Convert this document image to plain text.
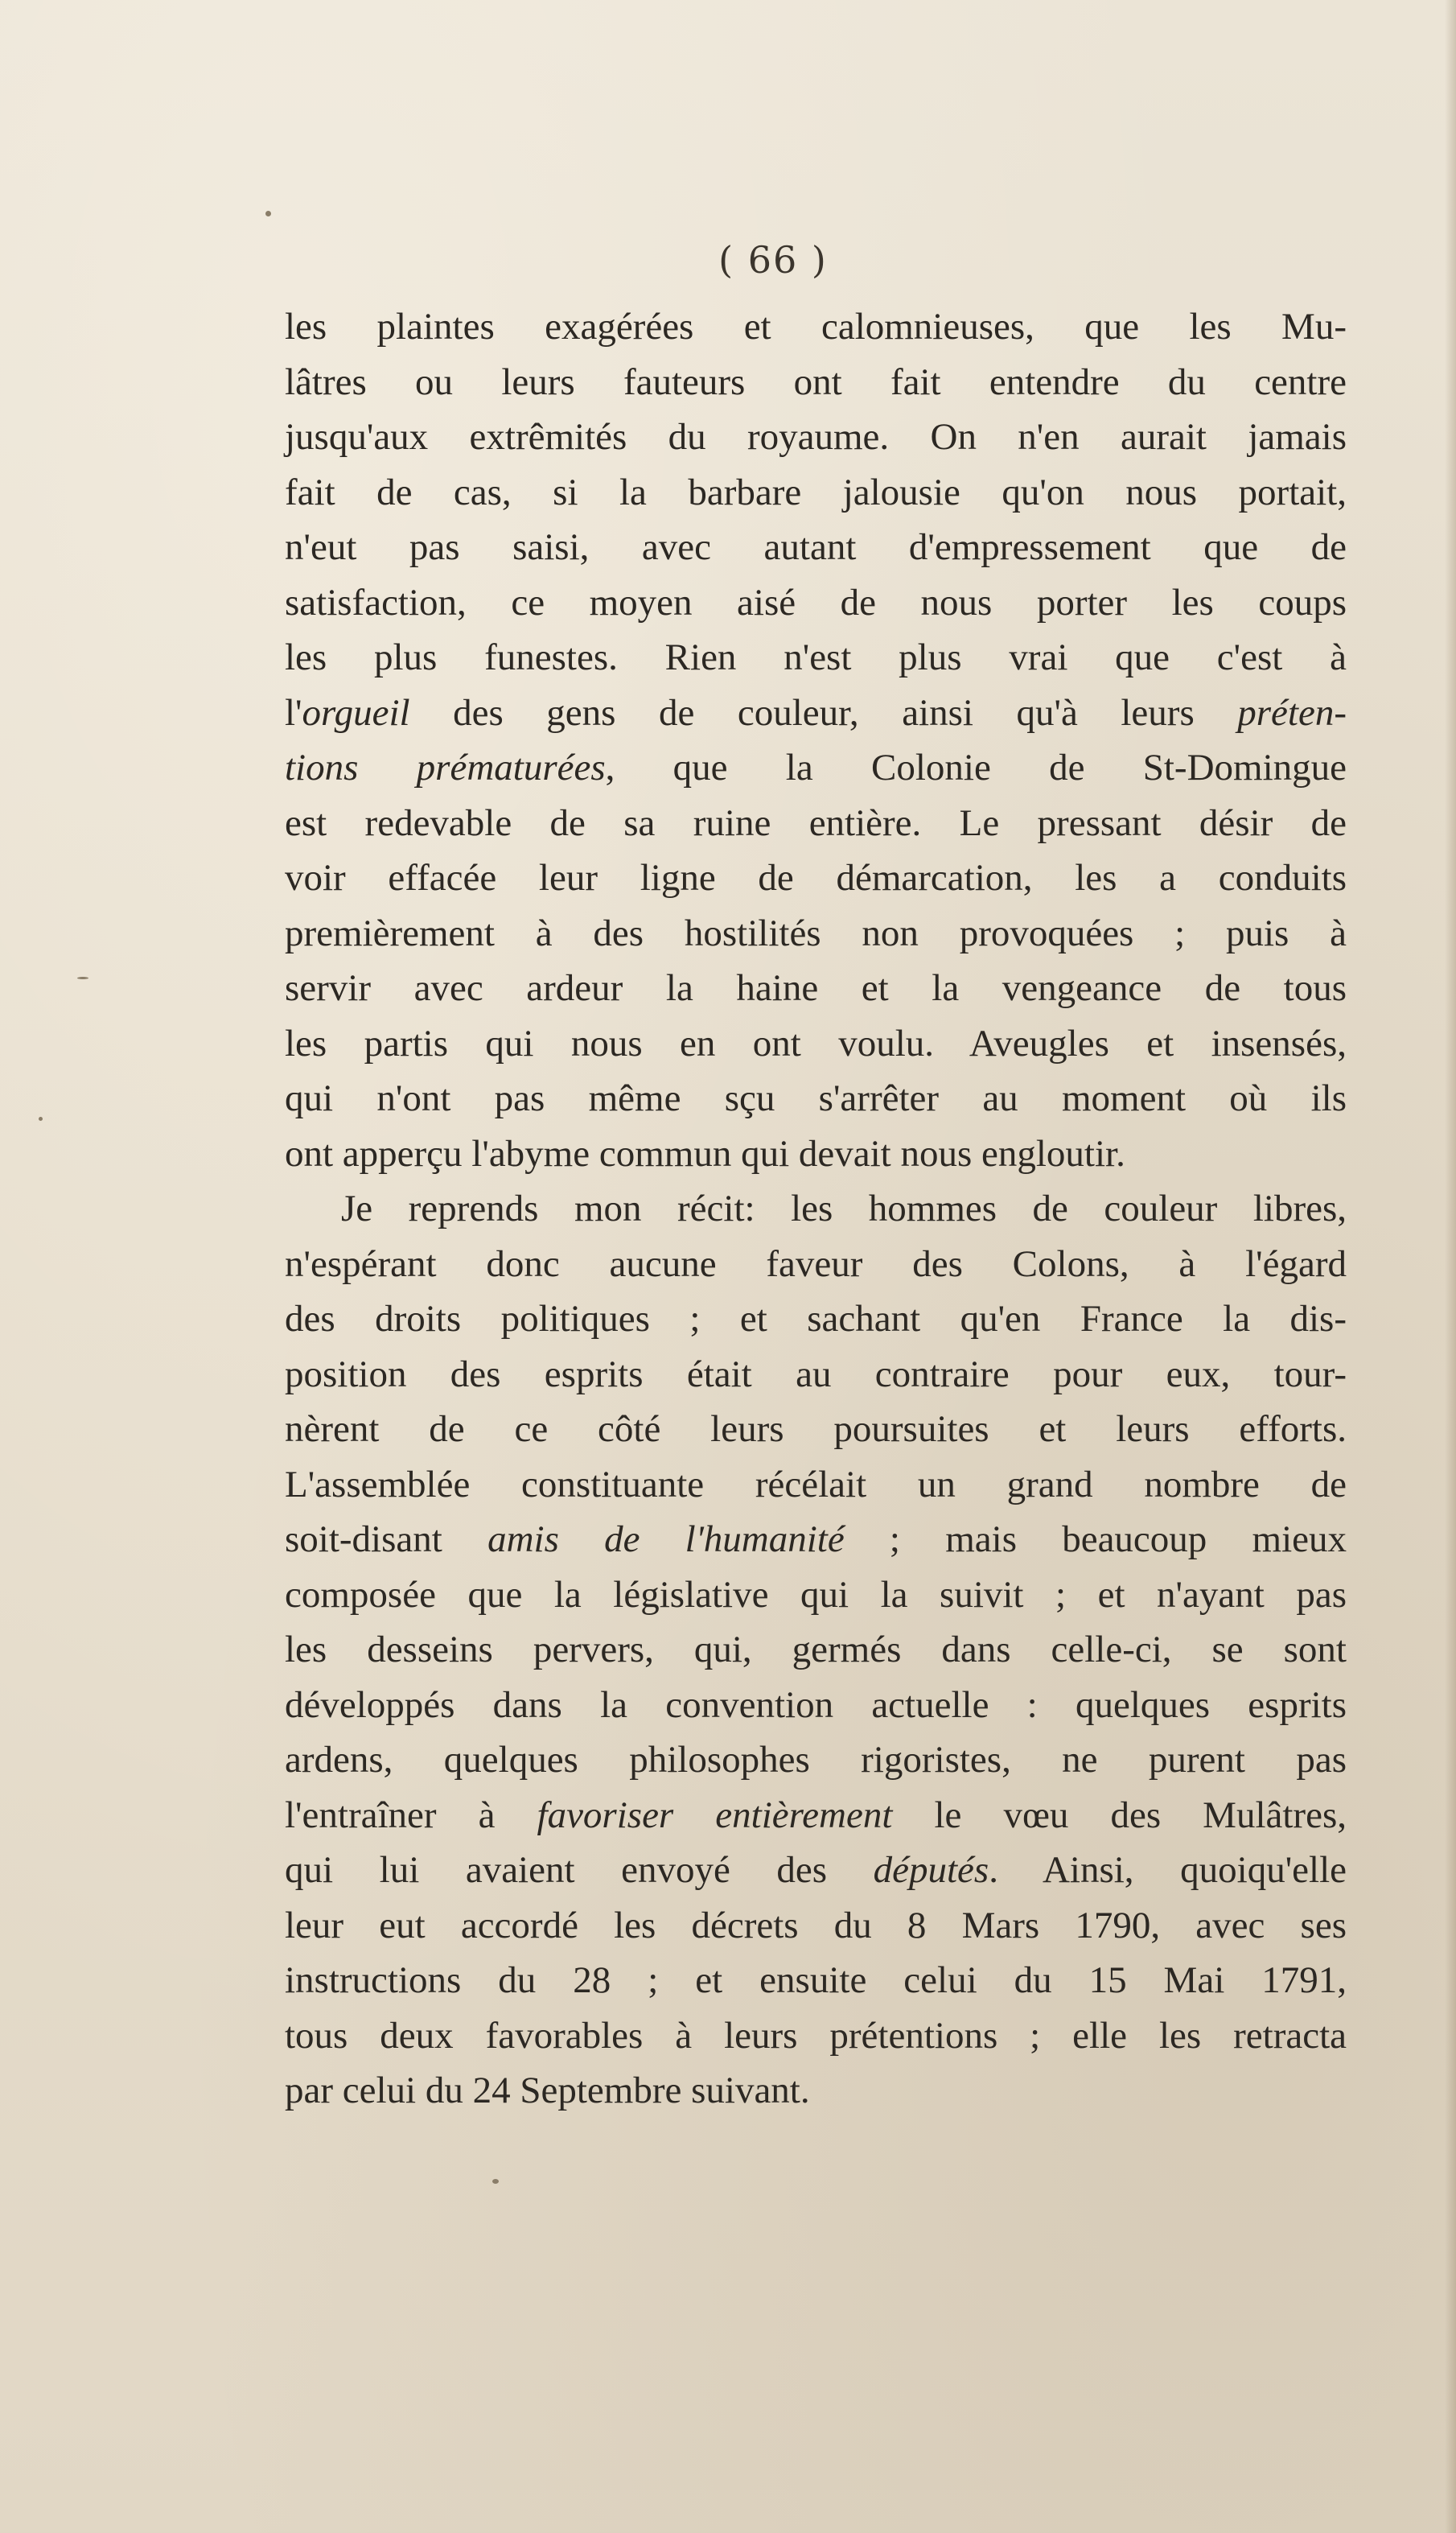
( 66 )
les plaintes exagérées et calomnieuses, que les Mu-
lâtres ou leurs fauteurs ont fait entendre du centre
jusqu'aux extrêmités du royaume. On n'en aurait jamais
fait de cas, si la barbare jalousie qu'on nous portait,
n'eut pas saisi, avec autant d'empressement que de
satisfaction, ce moyen aisé de nous porter les coups
les plus funestes. Rien n'est plus vrai que c'est à
l'orgueil des gens de couleur, ainsi qu'à leurs préten-
tions prématurées, que la Colonie de St-Domingue
est redevable de sa ruine entière. Le pressant désir de
voir effacée leur ligne de démarcation, les a conduits
premièrement à des hostilités non provoquées ; puis à
servir avec ardeur la haine et la vengeance de tous
les partis qui nous en ont voulu. Aveugles et insensés,
qui n'ont pas même sçu s'arrêter au moment où ils
ont apperçu l'abyme commun qui devait nous engloutir.
Je reprends mon récit: les hommes de couleur libres,
n'espérant donc aucune faveur des Colons, à l'égard
des droits politiques ; et sachant qu'en France la dis-
position des esprits était au contraire pour eux, tour-
nèrent de ce côté leurs poursuites et leurs efforts.
L'assemblée constituante récélait un grand nombre de
soit-disant amis de l'humanité ; mais beaucoup mieux
composée que la législative qui la suivit ; et n'ayant pas
les desseins pervers, qui, germés dans celle-ci, se sont
développés dans la convention actuelle : quelques esprits
ardens, quelques philosophes rigoristes, ne purent pas
l'entraîner à favoriser entièrement le vœu des Mulâtres,
qui lui avaient envoyé des députés. Ainsi, quoiqu'elle
leur eut accordé les décrets du 8 Mars 1790, avec ses
instructions du 28 ; et ensuite celui du 15 Mai 1791,
tous deux favorables à leurs prétentions ; elle les retracta
par celui du 24 Septembre suivant.
